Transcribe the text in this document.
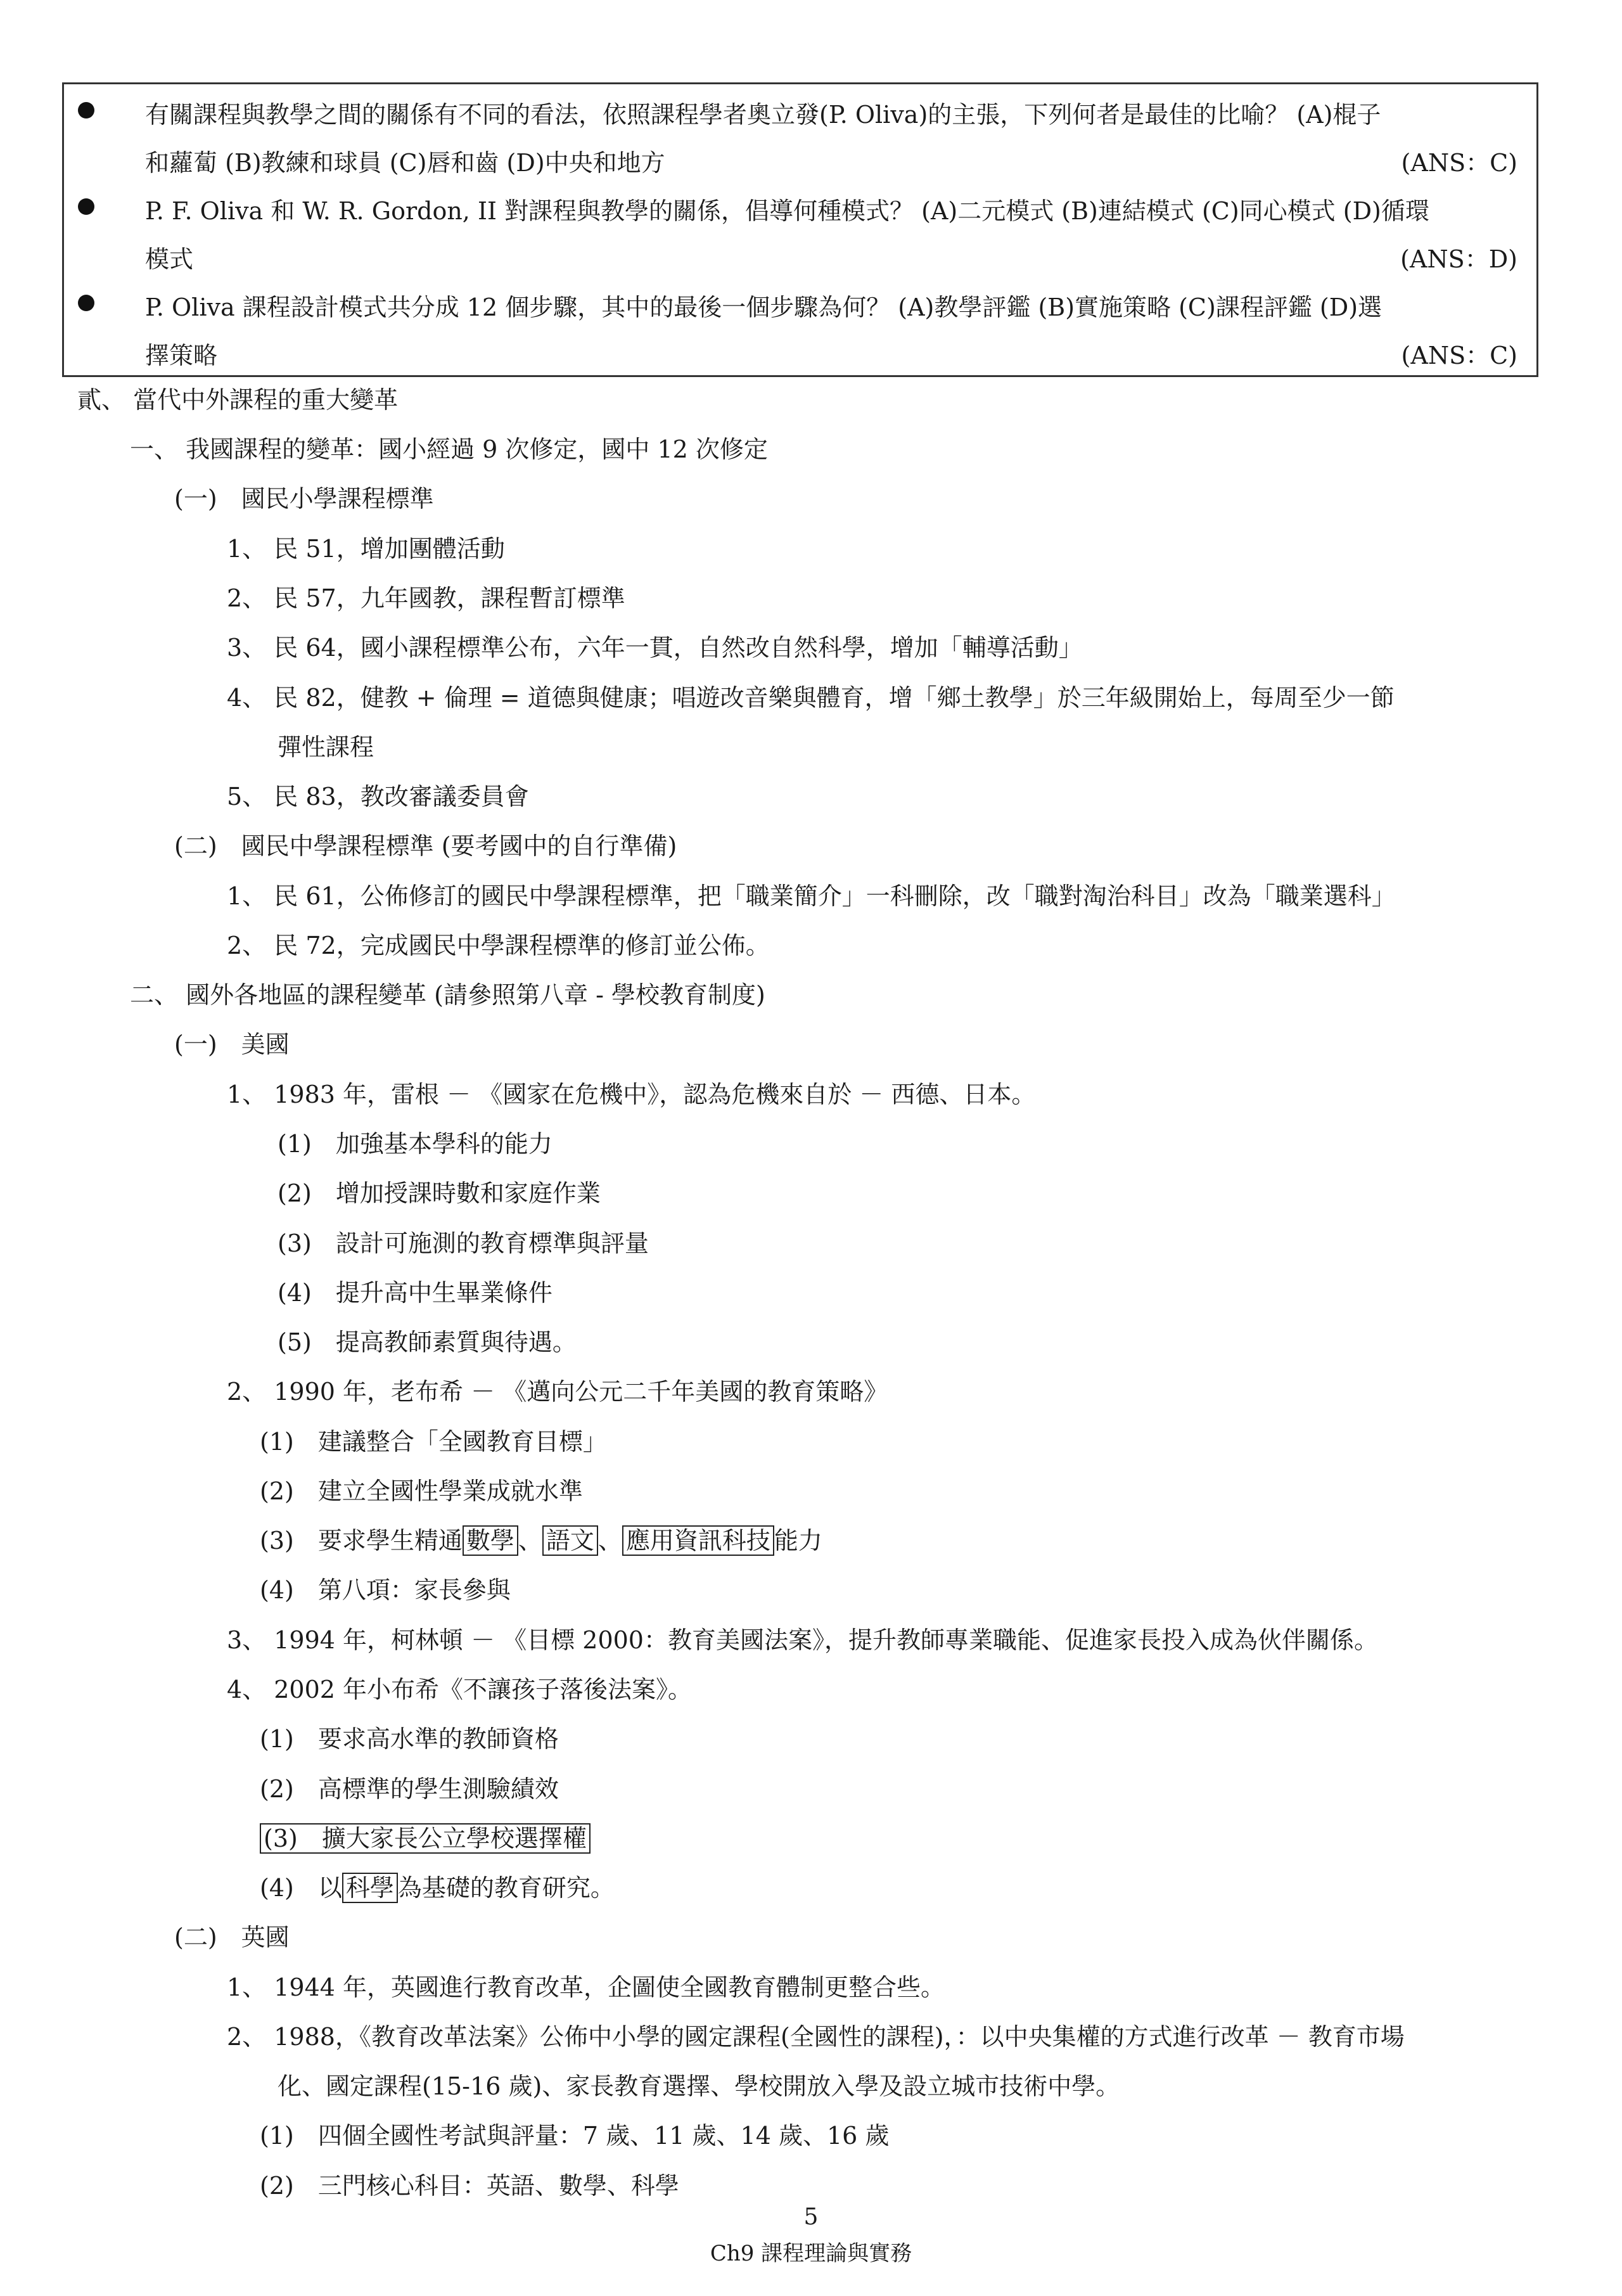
有關課程與教學之間的關係有不同的看法，依照課程學者奧立發(P. Oliva)的主張，下列何者是最佳的比喻？ (A)棍子
和蘿蔔 (B)教練和球員 (C)唇和齒 (D)中央和地方	(ANS：C)
P. F. Oliva 和 W. R. Gordon, II 對課程與教學的關係，倡導何種模式？ (A)二元模式 (B)連結模式 (C)同心模式 (D)循環
模式	(ANS：D)
P. Oliva 課程設計模式共分成 12 個步驟，其中的最後一個步驟為何？ (A)教學評鑑 (B)實施策略 (C)課程評鑑 (D)選
擇策略	(ANS：C)
貳、 當代中外課程的重大變革
一、 我國課程的變革：國小經過 9 次修定，國中 12 次修定
(一)　國民小學課程標準
1、 民 51，增加團體活動
2、 民 57，九年國教，課程暫訂標準
3、 民 64，國小課程標準公布，六年一貫，自然改自然科學，增加「輔導活動」
4、 民 82，健教 + 倫理 = 道德與健康；唱遊改音樂與體育，增「鄉土教學」於三年級開始上，每周至少一節
彈性課程
5、 民 83，教改審議委員會
(二)　國民中學課程標準 (要考國中的自行準備)
1、 民 61，公佈修訂的國民中學課程標準，把「職業簡介」一科刪除，改「職對淘治科目」改為「職業選科」
2、 民 72，完成國民中學課程標準的修訂並公佈。
二、 國外各地區的課程變革 (請參照第八章 - 學校教育制度)
(一)　美國
1、 1983 年，雷根 － 《國家在危機中》，認為危機來自於 － 西德、日本。
(1)　加強基本學科的能力
(2)　增加授課時數和家庭作業
(3)　設計可施測的教育標準與評量
(4)　提升高中生畢業條件
(5)　提高教師素質與待遇。
2、 1990 年，老布希 － 《邁向公元二千年美國的教育策略》
(1)　建議整合「全國教育目標」
(2)　建立全國性學業成就水準
(3)　要求學生精通 數學 、 語文 、 應用資訊科技 能力
(4)　第八項：家長參與
3、 1994 年，柯林頓 － 《目標 2000：教育美國法案》，提升教師專業職能、促進家長投入成為伙伴關係。
4、 2002 年小布希《不讓孩子落後法案》。
(1)　要求高水準的教師資格
(2)　高標準的學生測驗績效
(3)　擴大家長公立學校選擇權
(4)　以 科學 為基礎的教育研究。
(二)　英國
1、 1944 年，英國進行教育改革，企圖使全國教育體制更整合些。
2、 1988，《教育改革法案》公佈中小學的國定課程(全國性的課程)，：以中央集權的方式進行改革 － 教育市場
化、國定課程(15-16 歲)、家長教育選擇、學校開放入學及設立城市技術中學。
(1)　四個全國性考試與評量：7 歲、11 歲、14 歲、16 歲
(2)　三門核心科目：英語、數學、科學
5
Ch9 課程理論與實務
